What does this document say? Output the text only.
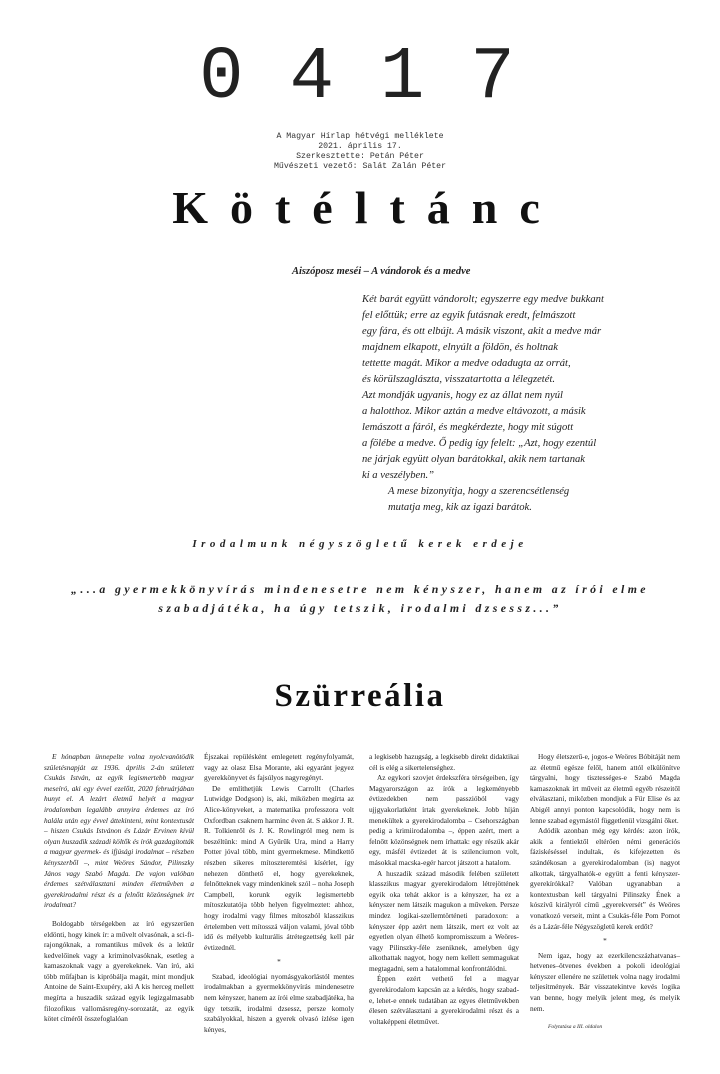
0417
A Magyar Hírlap hétvégi melléklete
2021. április 17.
Szerkesztette: Petán Péter
Művészeti vezető: Salát Zalán Péter
Kötéltánc
Aiszóposz meséi – A vándorok és a medve

Két barát együtt vándorolt; egyszerre egy medve bukkant

fel előttük; erre az egyik futásnak eredt, felmászott

egy fára, és ott elbújt. A másik viszont, akit a medve már

majdnem elkapott, elnyúlt a földön, és holtnak

tettette magát. Mikor a medve odadugta az orrát,

és körülszaglászta, visszatartotta a lélegzetét.

Azt mondják ugyanis, hogy ez az állat nem nyúl

a halotthoz. Mikor aztán a medve eltávozott, a másik

lemászott a fáról, és megkérdezte, hogy mit súgott

a fölébe a medve. Ő pedig így felelt: „Azt, hogy ezentúl

ne járjak együtt olyan barátokkal, akik nem tartanak

ki a veszélyben.”

A mese bizonyítja, hogy a szerencsétlenség

mutatja meg, kik az igazi barátok.

Irodalmunk négyszögletű kerek erdeje
„...a gyermekkönyvírás mindenesetre nem kényszer, hanem az írói elme
szabadjátéka, ha úgy tetszik, irodalmi dzsessz...”
Szürreália

E hónapban ünnepelte volna nyolcvanötödik születésnapját az 1936. április 2-án született Csukás István, az egyik legismertebb magyar meseíró, aki egy évvel ezelőtt, 2020 februárjában hunyt el. A lezárt életmű helyét a magyar irodalomban legalább annyira érdemes az író halála után egy évvel áttekinteni, mint kontextusát – hiszen Csukás Istvánon és Lázár Ervinen kívül olyan huszadik századi költők és írók gazdagították a magyar gyermek- és ifjúsági irodalmat – részben kényszerből –, mint Weöres Sándor, Pilinszky János vagy Szabó Magda. De vajon valóban érdemes szétválasztani minden életművben a gyerekirodalmi részt és a felnőtt közönségnek írt irodalmat?

Boldogabb térségekben az író egyszerűen eldönti, hogy kinek ír: a művelt olvasónak, a sci-fi-rajongóknak, a romantikus művek és a lektűr kedvelőinek vagy a kriminolvasóknak, esetleg a kamaszoknak vagy a gyerekeknek. Van író, aki több műfajban is kipróbálja magát, mint mondjuk Antoine de Saint-Exupéry, aki A kis herceg mellett megírta a huszadik század egyik legizgalmasabb filozofikus vallomásregény-sorozatát, az egyik kötet címéről összefoglalóan

Éjszakai repülésként emlegetett regényfolyamát, vagy az olasz Elsa Morante, aki egyaránt jegyez gyerekkönyvet és fajsúlyos nagyregényt.

De említhetjük Lewis Carrollt (Charles Lutwidge Dodgson) is, aki, miközben megírta az Alice-könyveket, a matematika professzora volt Oxfordban csaknem harminc éven át. S akkor J. R. R. Tolkienről és J. K. Rowlingról meg nem is beszéltünk: mind A Gyűrűk Ura, mind a Harry Potter jóval több, mint gyermekmese. Mindkettő részben sikeres mítoszteremtési kísérlet, így nehezen dönthető el, hogy gyerekeknek, felnőtteknek vagy mindenkinek szól – noha Joseph Campbell, korunk egyik legismertebb mítoszkutatója több helyen figyelmeztet: ahhoz, hogy irodalmi vagy filmes mítoszból klasszikus értelemben vett mítosszá váljon valami, jóval több idő és mélyebb kulturális átrétegzettség kell pár évtizednél.

*

Szabad, ideológiai nyomásgyakorlástól mentes irodalmakban a gyermekkönyvírás mindenesetre nem kényszer, hanem az írói elme szabadjátéka, ha úgy tetszik, irodalmi dzsessz, persze komoly szabályokkal, hiszen a gyerek olvasó ízlése igen kényes,

a legkisebb hazugság, a legkisebb direkt didaktikai cél is elég a sikertelenséghez.

Az egykori szovjet érdekszféra térségeiben, így Magyarországon az írók a legkeményebb évtizedekben nem passzióból vagy ujjgyakorlatként írtak gyerekeknek. Jobb híján menekültek a gyerekirodalomba – Csehországban pedig a krimiirodalomba –, éppen azért, mert a felnőtt közönségnek nem írhattak: egy részük akár egy, másfél évtizedet át is szilenciumon volt, másokkal macska-egér harcot játszott a hatalom.

A huszadik század második felében született klasszikus magyar gyerekirodalom létrejöttének egyik oka tehát akkor is a kényszer, ha ez a kényszer nem látszik magukon a műveken. Persze mindez logikai-szellemtörténeti paradoxon: a kényszer épp azért nem látszik, mert ez volt az egyetlen olyan élhető kompromisszum a Weöres- vagy Pilinszky-féle zseniknek, amelyben úgy alkothattak nagyot, hogy nem kellett semmagukat megtagadni, sem a hatalommal konfrontálódni.

Éppen ezért vethető fel a magyar gyerekirodalom kapcsán az a kérdés, hogy szabad-e, lehet-e ennek tudatában az egyes életművekben élesen szétválasztani a gyerekirodalmi részt és a voltaképpeni életművet.

Hogy életszerű-e, jogos-e Weöres Bóbitáját nem az életmű egésze felől, hanem attól elkülönítve tárgyalni, hogy tisztességes-e Szabó Magda kamaszoknak írt műveit az életmű egyéb részeitől elválasztani, miközben mondjuk a Für Elise és az Abigél annyi ponton kapcsolódik, hogy nem is lenne szabad egymástól függetlenül vizsgálni őket.

Adódik azonban még egy kérdés: azon írók, akik a fentiektől eltérően némi generációs fáziskéséssel indultak, és kifejezetten és szándékosan a gyerekirodalomban (is) nagyot alkottak, tárgyalhatók-e együtt a fenti kényszer-gyerekírókkal? Valóban ugyanabban a kontextusban kell tárgyalni Pilinszky Ének a kószívű királyról című „gyerekversét” és Weöres vonatkozó verseit, mint a Csukás-féle Pom Pomot és a Lázár-féle Négyszögletű kerek erdőt?

*

Nem igaz, hogy az ezerkilencszázhatvanas–hetvenes–ötvenes években a pokoli ideológiai kényszer ellenére ne születtek volna nagy irodalmi teljesítmények. Bár visszatekintve kevés logika van benne, hogy melyik jelent meg, és melyik nem.

Folytatása a III. oldalon
